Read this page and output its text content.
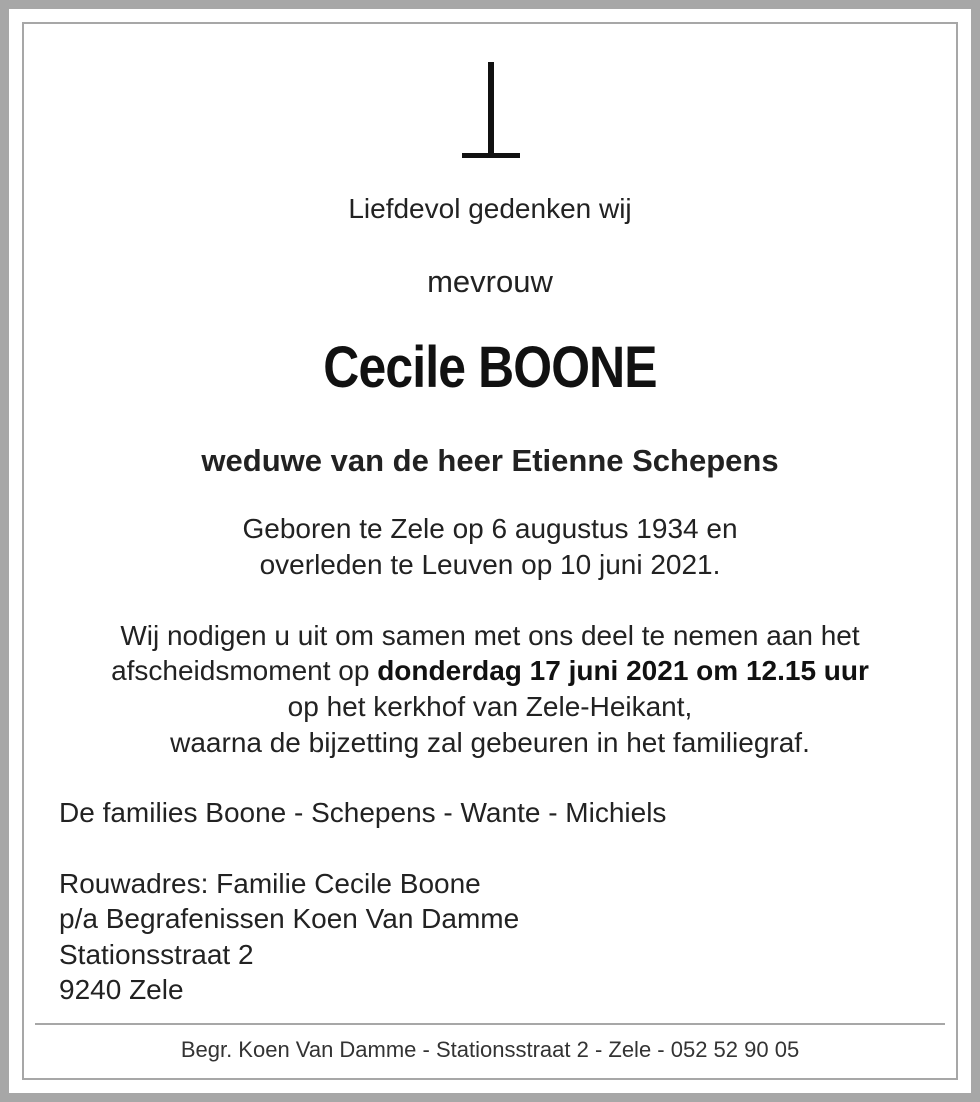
Liefdevol gedenken wij
mevrouw
Cecile BOONE
weduwe van de heer Etienne Schepens
Geboren te Zele op 6 augustus 1934 en
overleden te Leuven op 10 juni 2021.
Wij nodigen u uit om samen met ons deel te nemen aan het
afscheidsmoment op donderdag 17 juni 2021 om 12.15 uur
op het kerkhof van Zele-Heikant,
waarna de bijzetting zal gebeuren in het familiegraf.
De families Boone - Schepens - Wante - Michiels
Rouwadres: Familie Cecile Boone
p/a Begrafenissen Koen Van Damme
Stationsstraat 2
9240 Zele
Begr. Koen Van Damme - Stationsstraat 2 - Zele - 052 52 90 05
